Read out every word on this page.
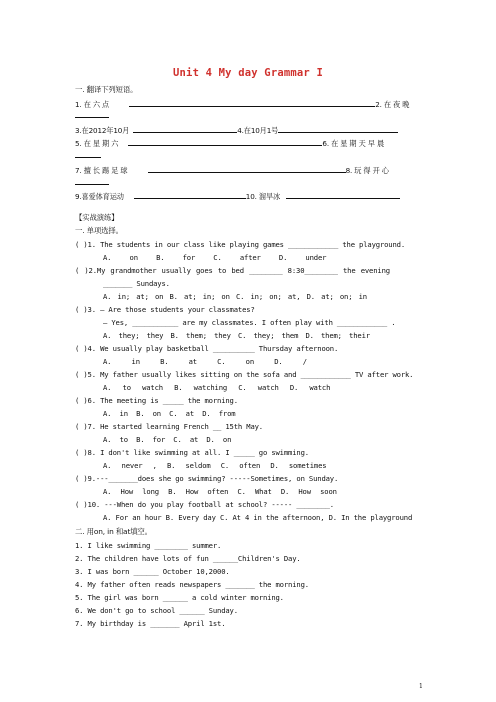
Unit 4 My day Grammar I
一. 翻译下列短语。
1. 在 六 点	2. 在 夜 晚
3.在2012年10月	4.在10月1号
5. 在 星 期 六	6. 在 星 期 天 早 晨
7. 擅 长 踢 足 球	8. 玩 得 开 心
9.喜爱体育运动	10. 溜旱冰
【实战演练】
一. 单项选择。
( )1. The students in our class like playing games ____________ the playground.
A. on B. for C. after D. under
( )2.My grandmother usually goes to bed ________ 8:30________ the evening
_______ Sundays.
A. in; at; on B. at; in; on C. in; on; at, D. at; on; in
( )3. – Are those students your classmates?
– Yes, ___________ are my classmates. I often play with ____________ .
A. they; they B. them; they C. they; them D. them; their
( )4. We usually play basketball __________ Thursday afternoon.
A. in B. at C. on D. /
( )5. My father usually likes sitting on the sofa and ____________ TV after work.
A. to watch B. watching C. watch D. watch
( )6. The meeting is _____ the morning.
A. in B. on C. at D. from
( )7. He started learning French __ 15th May.
A. to B. for C. at D. on
( )8. I don't like swimming at all. I _____ go swimming.
A. never , B. seldom C. often D. sometimes
( )9.---_______does she go swimming? -----Sometimes, on Sunday.
A. How long B. How often C. What D. How soon
( )10. ---When do you play football at school? ----- ________.
A. For an hour B. Every day C. At 4 in the afternoon, D. In the playground
二. 用on, in 和at填空。
1. I like swimming ________ summer.
2. The children have lots of fun ______Children's Day.
3. I was born ______ October 10,2000.
4. My father often reads newspapers _______ the morning.
5. The girl was born ______ a cold winter morning.
6. We don't go to school ______ Sunday.
7. My birthday is _______ April 1st.
1
